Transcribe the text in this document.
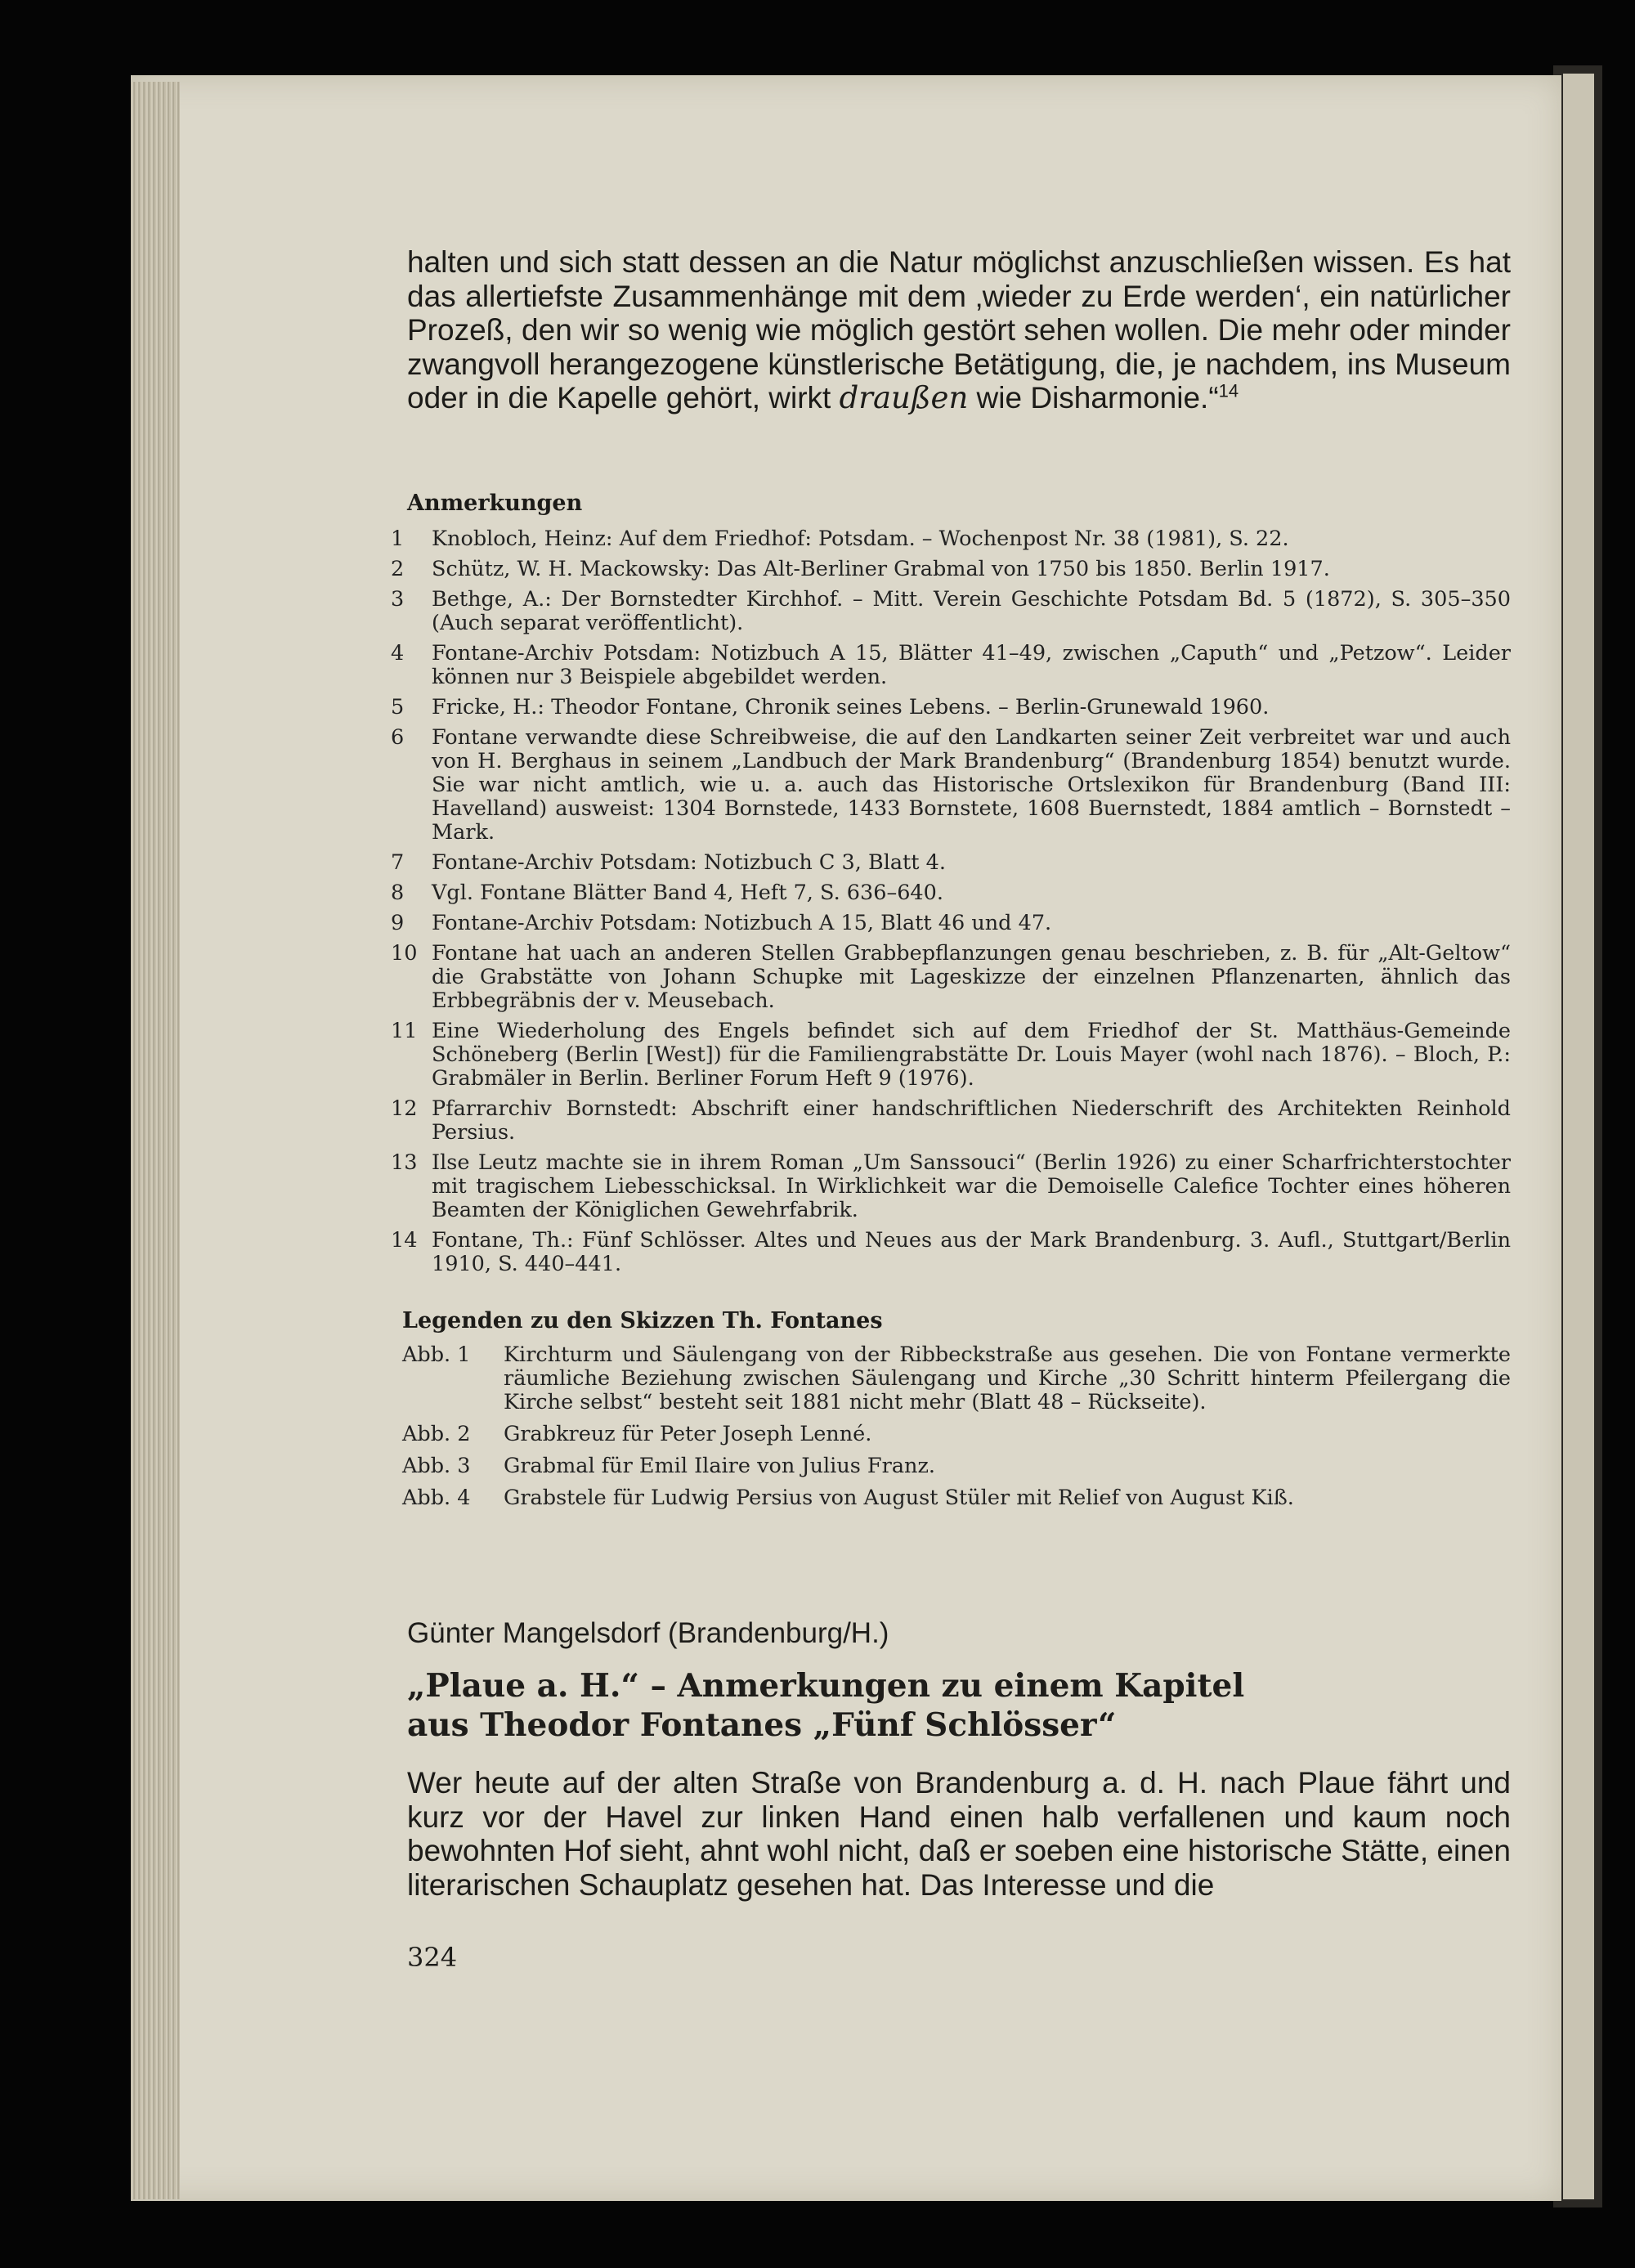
halten und sich statt dessen an die Natur möglichst anzuschließen wissen. Es hat das allertiefste Zusammenhänge mit dem ‚wieder zu Erde werden‘, ein natürlicher Prozeß, den wir so wenig wie möglich gestört sehen wollen. Die mehr oder minder zwangvoll herangezogene künstlerische Betätigung, die, je nachdem, ins Museum oder in die Kapelle gehört, wirkt draußen wie Disharmonie.“$^{14}$

Anmerkungen
1	Knobloch, Heinz: Auf dem Friedhof: Potsdam. – Wochenpost Nr. 38 (1981), S. 22.
2	Schütz, W. H. Mackowsky: Das Alt-Berliner Grabmal von 1750 bis 1850. Berlin 1917.
3	Bethge, A.: Der Bornstedter Kirchhof. – Mitt. Verein Geschichte Potsdam Bd. 5 (1872), S. 305–350 (Auch separat veröffentlicht).
4	Fontane-Archiv Potsdam: Notizbuch A 15, Blätter 41–49, zwischen „Caputh“ und „Petzow“. Leider können nur 3 Beispiele abgebildet werden.
5	Fricke, H.: Theodor Fontane, Chronik seines Lebens. – Berlin-Grunewald 1960.
6	Fontane verwandte diese Schreibweise, die auf den Landkarten seiner Zeit verbreitet war und auch von H. Berghaus in seinem „Landbuch der Mark Brandenburg“ (Brandenburg 1854) benutzt wurde. Sie war nicht amtlich, wie u. a. auch das Historische Ortslexikon für Brandenburg (Band III: Havelland) ausweist: 1304 Bornstede, 1433 Bornstete, 1608 Buernstedt, 1884 amtlich – Bornstedt – Mark.
7	Fontane-Archiv Potsdam: Notizbuch C 3, Blatt 4.
8	Vgl. Fontane Blätter Band 4, Heft 7, S. 636–640.
9	Fontane-Archiv Potsdam: Notizbuch A 15, Blatt 46 und 47.
10 Fontane hat uach an anderen Stellen Grabbepflanzungen genau beschrieben, z. B. für „Alt-Geltow“ die Grabstätte von Johann Schupke mit Lageskizze der einzelnen Pflanzenarten, ähnlich das Erbbegräbnis der v. Meusebach.
11 Eine Wiederholung des Engels befindet sich auf dem Friedhof der St. Matthäus-Gemeinde Schöneberg (Berlin [West]) für die Familiengrabstätte Dr. Louis Mayer (wohl nach 1876). – Bloch, P.: Grabmäler in Berlin. Berliner Forum Heft 9 (1976).
12 Pfarrarchiv Bornstedt: Abschrift einer handschriftlichen Niederschrift des Architekten Reinhold Persius.
13 Ilse Leutz machte sie in ihrem Roman „Um Sanssouci“ (Berlin 1926) zu einer Scharfrichterstochter mit tragischem Liebesschicksal. In Wirklichkeit war die Demoiselle Calefice Tochter eines höheren Beamten der Königlichen Gewehrfabrik.
14 Fontane, Th.: Fünf Schlösser. Altes und Neues aus der Mark Brandenburg. 3. Aufl., Stuttgart/Berlin 1910, S. 440–441.
Legenden zu den Skizzen Th. Fontanes
Abb. 1	Kirchturm und Säulengang von der Ribbeckstraße aus gesehen. Die von Fontane vermerkte räumliche Beziehung zwischen Säulengang und Kirche „30 Schritt hinterm Pfeilergang die Kirche selbst“ besteht seit 1881 nicht mehr (Blatt 48 – Rückseite).
Abb. 2	Grabkreuz für Peter Joseph Lenné.
Abb. 3	Grabmal für Emil Ilaire von Julius Franz.
Abb. 4	Grabstele für Ludwig Persius von August Stüler mit Relief von August Kiß.

Günter Mangelsdorf (Brandenburg/H.)

„Plaue a. H.“ – Anmerkungen zu einem Kapitel
aus Theodor Fontanes „Fünf Schlösser“

Wer heute auf der alten Straße von Brandenburg a. d. H. nach Plaue fährt und kurz vor der Havel zur linken Hand einen halb verfallenen und kaum noch bewohnten Hof sieht, ahnt wohl nicht, daß er soeben eine historische Stätte, einen literarischen Schauplatz gesehen hat. Das Interesse und die

324
